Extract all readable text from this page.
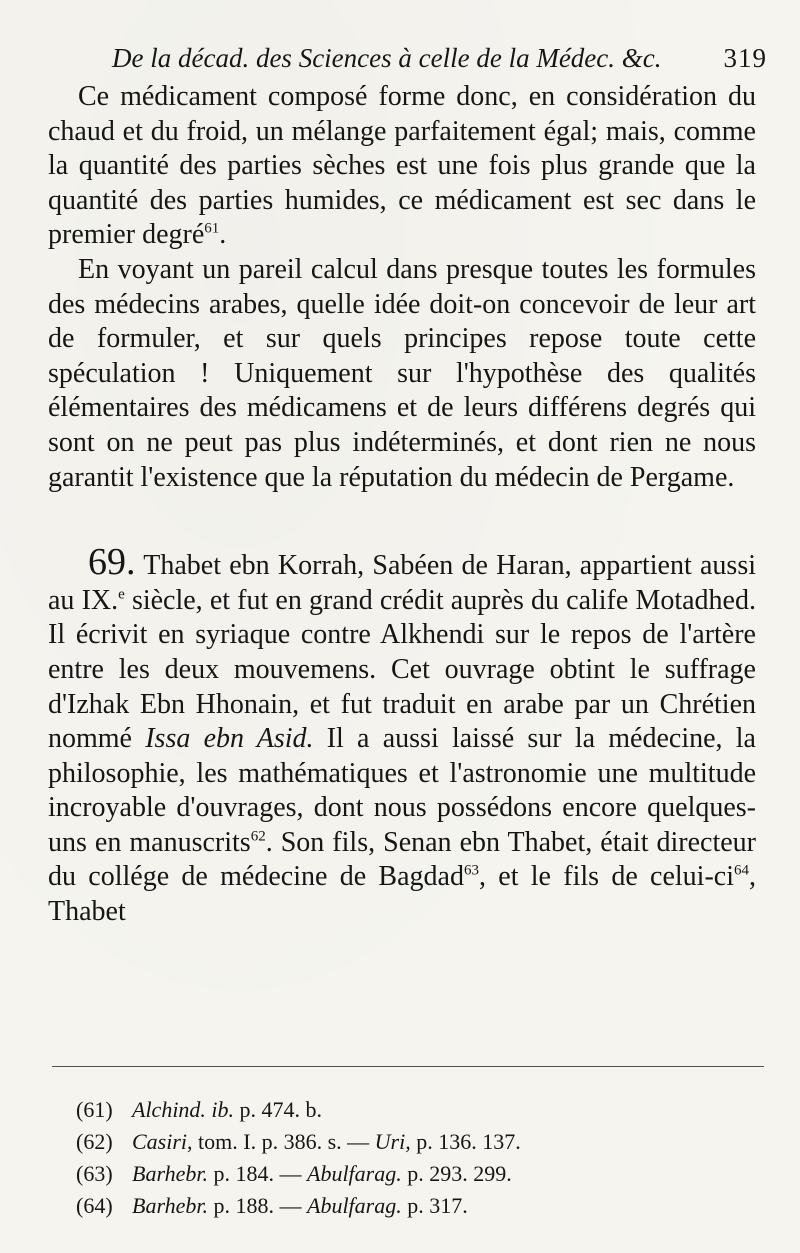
De la décad. des Sciences à celle de la Médec. &c. 319

Ce médicament composé forme donc, en considération du chaud et du froid, un mélange parfaitement égal; mais, comme la quantité des parties sèches est une fois plus grande que la quantité des parties humides, ce médicament est sec dans le premier degré$^{61}$.

En voyant un pareil calcul dans presque toutes les formules des médecins arabes, quelle idée doit-on concevoir de leur art de formuler, et sur quels principes repose toute cette spéculation ! Uniquement sur l'hypothèse des qualités élémentaires des médicamens et de leurs différens degrés qui sont on ne peut pas plus indéterminés, et dont rien ne nous garantit l'existence que la réputation du médecin de Pergame.

69. Thabet ebn Korrah, Sabéen de Haran, appartient aussi au IX.$^e$ siècle, et fut en grand crédit auprès du calife Motadhed. Il écrivit en syriaque contre Alkhendi sur le repos de l'artère entre les deux mouvemens. Cet ouvrage obtint le suffrage d'Izhak Ebn Hhonain, et fut traduit en arabe par un Chrétien nommé Issa ebn Asid. Il a aussi laissé sur la médecine, la philosophie, les mathématiques et l'astronomie une multitude incroyable d'ouvrages, dont nous possédons encore quelques-uns en manuscrits$^{62}$. Son fils, Senan ebn Thabet, était directeur du collége de médecine de Bagdad$^{63}$, et le fils de celui-$ci^{64}$, Thabet

(61) Alchind. ib. p. 474. b.

(62) Casiri, tom. I. p. 386. s. — Uri, p. 136. 137.

(63) Barhebr. p. 184. — Abulfarag. p. 293. 299.

(64) Barhebr. p. 188. — Abulfarag. p. 317.
